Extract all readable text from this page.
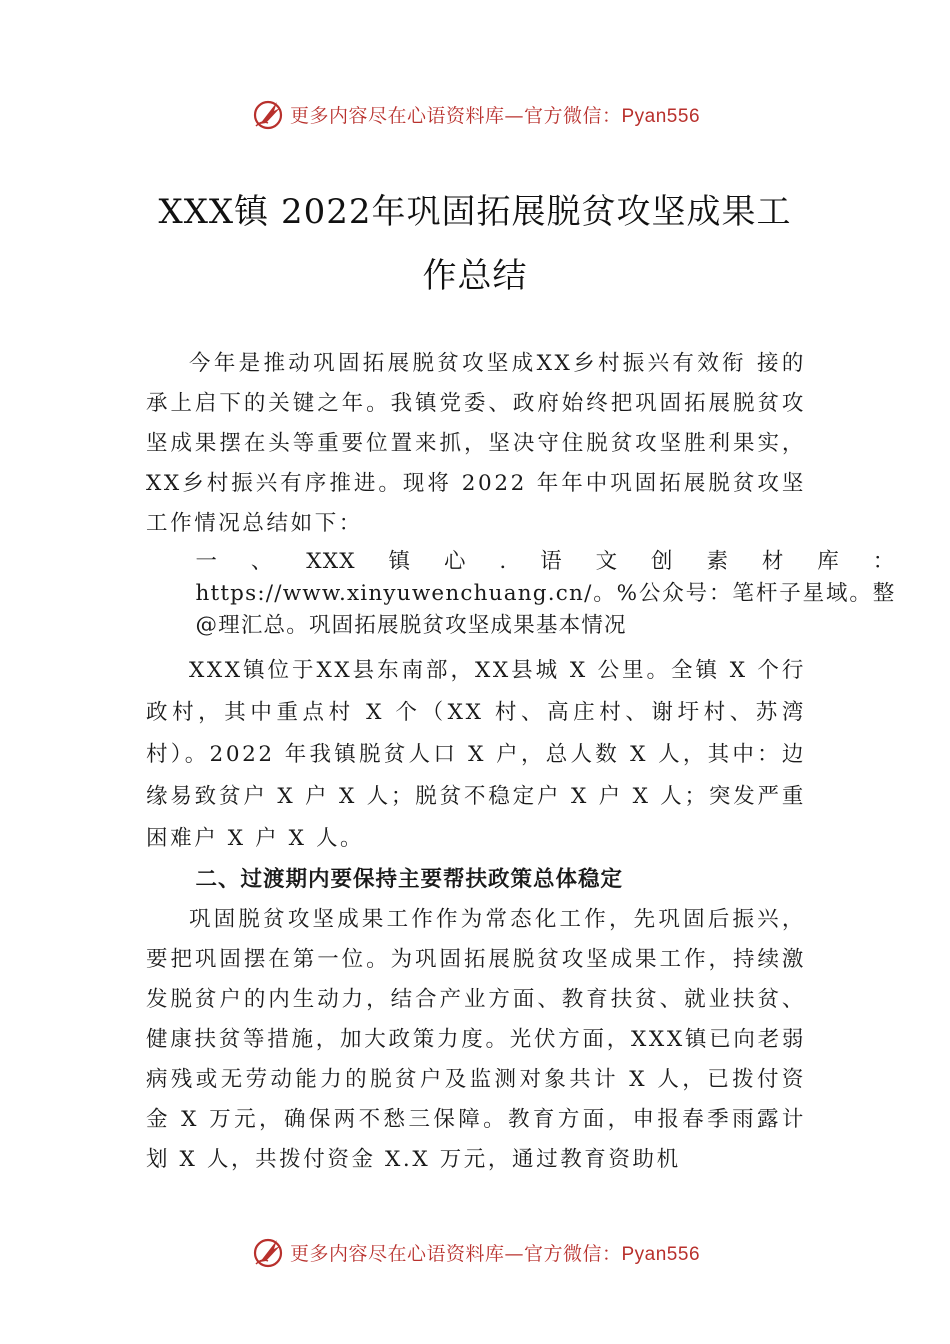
更多内容尽在心语资料库—官方微信：Pyan556
XXX镇 2022年巩固拓展脱贫攻坚成果工
作总结

今年是推动巩固拓展脱贫攻坚成XX乡村振兴有效衔 接的承上启下的关键之年。我镇党委、政府始终把巩固拓展脱贫攻坚成果摆在头等重要位置来抓，坚决守住脱贫攻坚胜利果实，XX乡村振兴有序推进。现将 2022 年年中巩固拓展脱贫攻坚工作情况总结如下：

一、XXX镇心.语文创素材库：https://www.xinyuwenchuang.cn/。%公众号：笔杆子星域。整@理汇总。巩固拓展脱贫攻坚成果基本情况

XXX镇位于XX县东南部，XX县城 X 公里。全镇 X 个行政村，其中重点村 X 个（XX 村、高庄村、谢圩村、苏湾村）。2022 年我镇脱贫人口 X 户，总人数 X 人，其中：边缘易致贫户 X 户 X 人；脱贫不稳定户 X 户 X 人；突发严重困难户 X 户 X 人。

二、过渡期内要保持主要帮扶政策总体稳定

巩固脱贫攻坚成果工作作为常态化工作，先巩固后振兴，要把巩固摆在第一位。为巩固拓展脱贫攻坚成果工作，持续激发脱贫户的内生动力，结合产业方面、教育扶贫、就业扶贫、健康扶贫等措施，加大政策力度。光伏方面，XXX镇已向老弱病残或无劳动能力的脱贫户及监测对象共计 X 人，已拨付资金 X 万元，确保两不愁三保障。教育方面，申报春季雨露计划 X 人，共拨付资金 X.X 万元，通过教育资助机

更多内容尽在心语资料库—官方微信：Pyan556
